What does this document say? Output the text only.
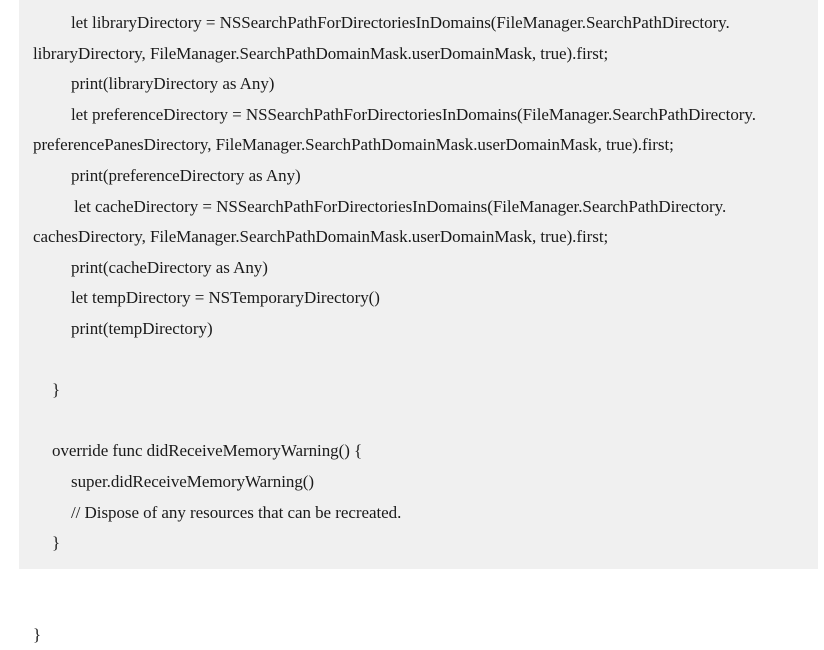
let libraryDirectory = NSSearchPathForDirectoriesInDomains(FileManager.SearchPathDirectory.
libraryDirectory, FileManager.SearchPathDomainMask.userDomainMask, true).first;
print(libraryDirectory as Any)
let preferenceDirectory = NSSearchPathForDirectoriesInDomains(FileManager.SearchPathDirectory.
preferencePanesDirectory, FileManager.SearchPathDomainMask.userDomainMask, true).first;
print(preferenceDirectory as Any)
let cacheDirectory = NSSearchPathForDirectoriesInDomains(FileManager.SearchPathDirectory.
cachesDirectory, FileManager.SearchPathDomainMask.userDomainMask, true).first;
print(cacheDirectory as Any)
let tempDirectory = NSTemporaryDirectory()
print(tempDirectory)
}
override func didReceiveMemoryWarning() {
super.didReceiveMemoryWarning()
// Dispose of any resources that can be recreated.
}
}
